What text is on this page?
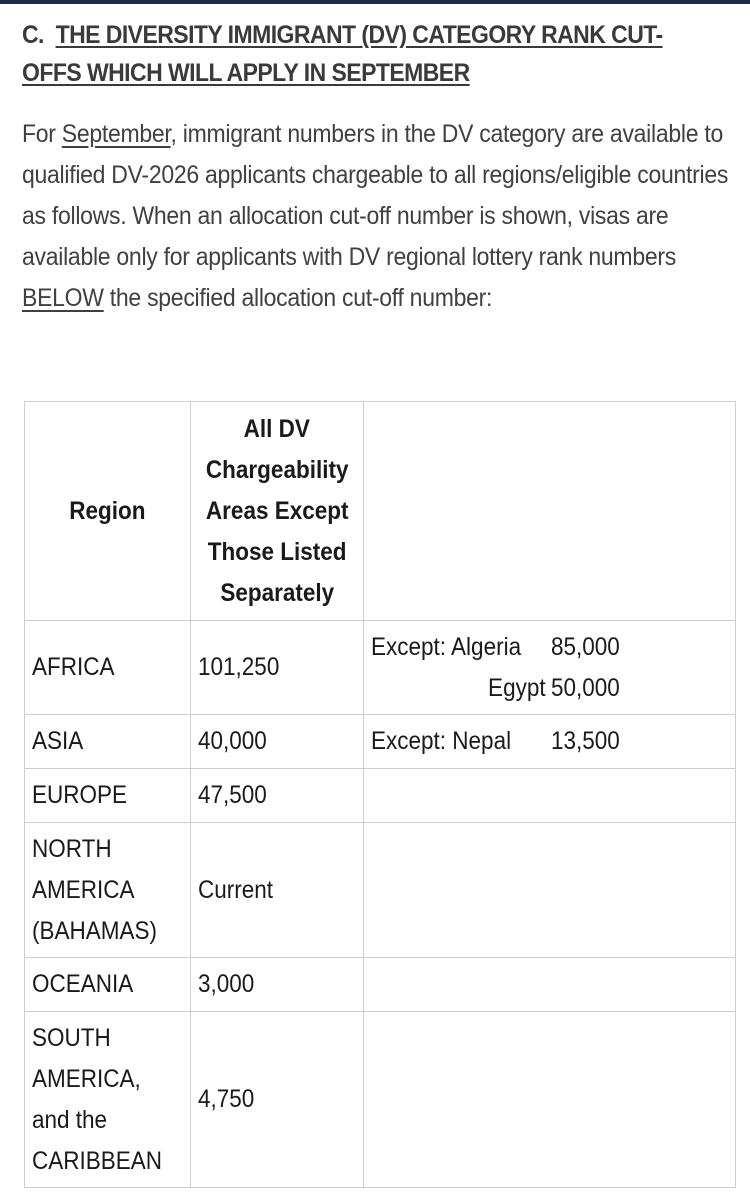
C. THE DIVERSITY IMMIGRANT (DV) CATEGORY RANK CUT-
OFFS WHICH WILL APPLY IN SEPTEMBER

For September, immigrant numbers in the DV category are available to qualified DV-2026 applicants chargeable to all regions/eligible countries as follows. When an allocation cut-off number is shown, visas are available only for applicants with DV regional lottery rank numbers BELOW the specified allocation cut-off number:

Region	All DV
Chargeability
Areas Except
Those Listed
Separately	
AFRICA	101,250	Except: Algeria 85,000
Egypt 50,000

ASIA	40,000	Except: Nepal 13,500

EUROPE	47,500	
NORTH
AMERICA
(BAHAMAS)	Current	
OCEANIA	3,000	
SOUTH
AMERICA,
and the
CARIBBEAN	4,750	
